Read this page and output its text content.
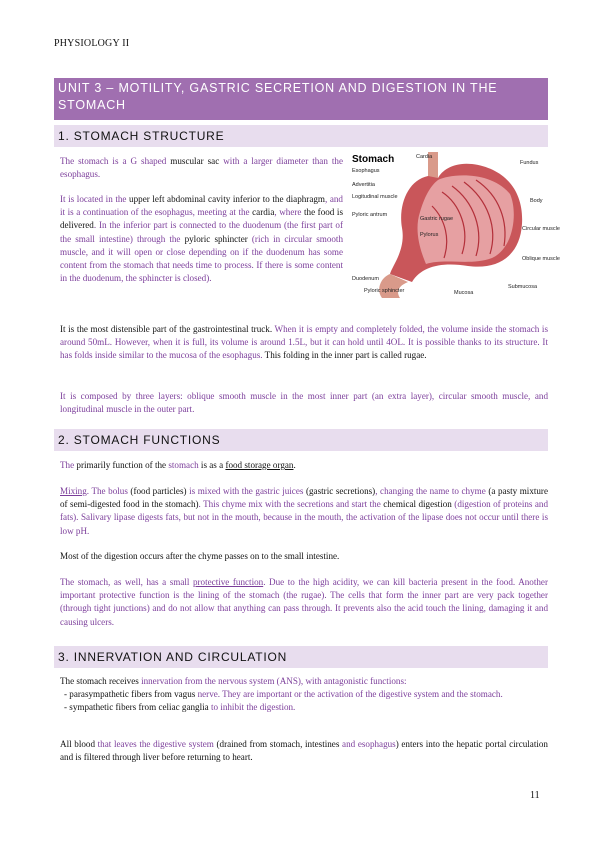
PHYSIOLOGY II
UNIT 3 – MOTILITY, GASTRIC SECRETION AND DIGESTION IN THE STOMACH
1. STOMACH STRUCTURE

The stomach is a G shaped muscular sac with a larger diameter than the esophagus.

It is located in the upper left abdominal cavity inferior to the diaphragm, and it is a continuation of the esophagus, meeting at the cardia, where the food is delivered. In the inferior part is connected to the duodenum (the first part of the small intestine) through the pyloric sphincter (rich in circular smooth muscle, and it will open or close depending on if the duodenum has some content from the stomach that needs time to process. If there is some content in the duodenum, the sphincter is closed).

Stomach
Esophagus
Cardia
Fundus
Advertitia
Logitudinal muscle
Body
Pyloric antrum
Gastric rugae
Pylorus
Circular muscle
Oblique muscle
Duodenum
Pyloric sphincter	Mucosa
Submucosa

It is the most distensible part of the gastrointestinal truck. When it is empty and completely folded, the volume inside the stomach is around 50mL. However, when it is full, its volume is around 1.5L, but it can hold until 4OL. It is possible thanks to its structure. It has folds inside similar to the mucosa of the esophagus. This folding in the inner part is called rugae.

It is composed by three layers: oblique smooth muscle in the most inner part (an extra layer), circular smooth muscle, and longitudinal muscle in the outer part.

2. STOMACH FUNCTIONS

The primarily function of the stomach is as a food storage organ.

Mixing. The bolus (food particles) is mixed with the gastric juices (gastric secretions), changing the name to chyme (a pasty mixture of semi-digested food in the stomach). This chyme mix with the secretions and start the chemical digestion (digestion of proteins and fats). Salivary lipase digests fats, but not in the mouth, because in the mouth, the activation of the lipase does not occur until there is low pH.

Most of the digestion occurs after the chyme passes on to the small intestine.

The stomach, as well, has a small protective function. Due to the high acidity, we can kill bacteria present in the food. Another important protective function is the lining of the stomach (the rugae). The cells that form the inner part are very pack together (through tight junctions) and do not allow that anything can pass through. It prevents also the acid touch the lining, damaging it and causing ulcers.

3. INNERVATION AND CIRCULATION

The stomach receives innervation from the nervous system (ANS), with antagonistic functions:

- parasympathetic fibers from vagus nerve. They are important or the activation of the digestive system and the stomach.
- sympathetic fibers from celiac ganglia to inhibit the digestion.

All blood that leaves the digestive system (drained from stomach, intestines and esophagus) enters into the hepatic portal circulation and is filtered through liver before returning to heart.

11
